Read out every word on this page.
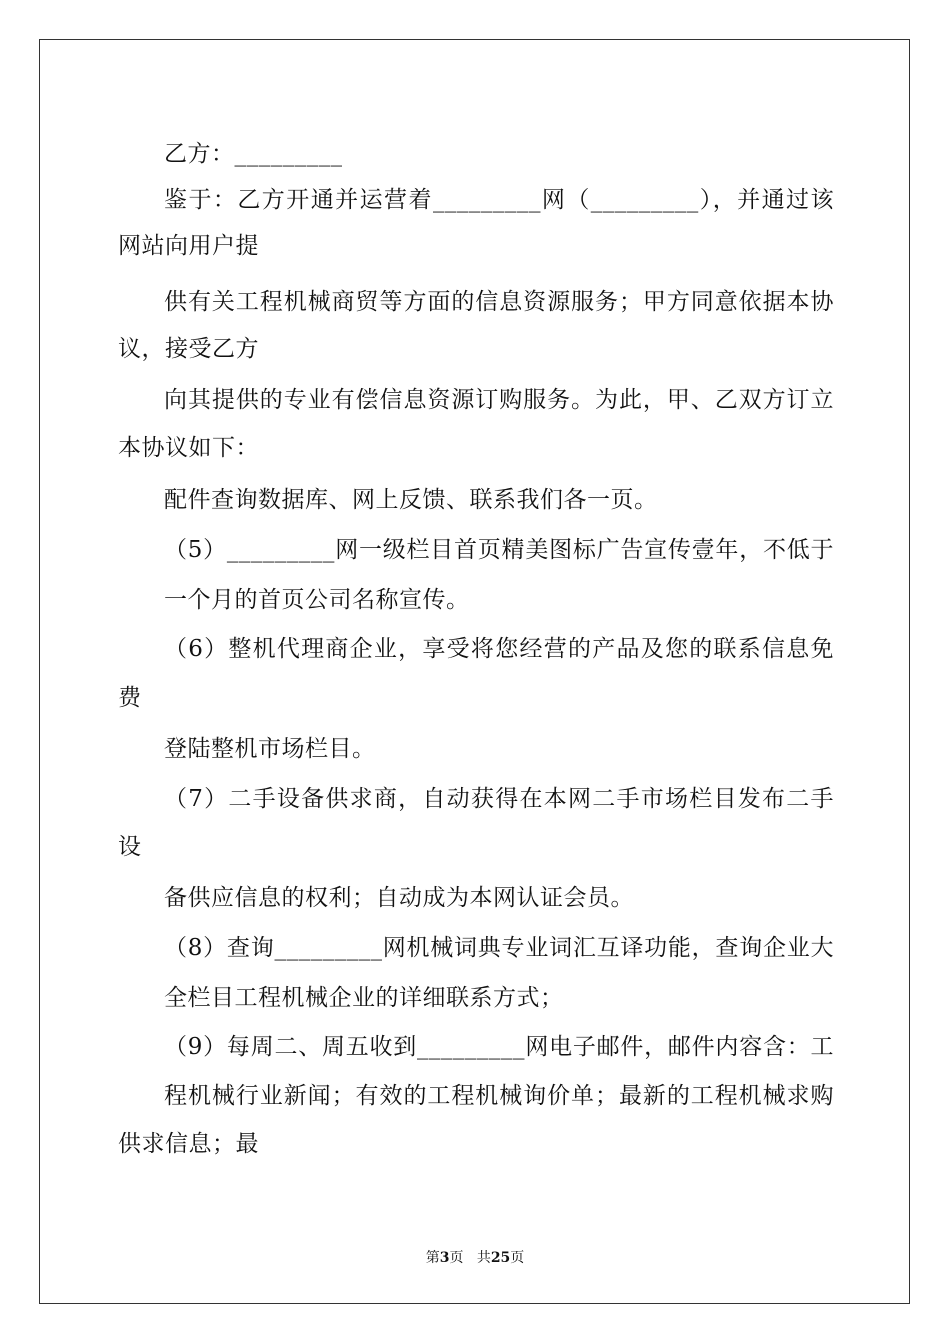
乙方：_________
鉴于：乙方开通并运营着_________网（_________），并通过该
网站向用户提
供有关工程机械商贸等方面的信息资源服务；甲方同意依据本协
议，接受乙方
向其提供的专业有偿信息资源订购服务。为此，甲、乙双方订立
本协议如下：
配件查询数据库、网上反馈、联系我们各一页。
（5）_________网一级栏目首页精美图标广告宣传壹年，不低于
一个月的首页公司名称宣传。
（6）整机代理商企业，享受将您经营的产品及您的联系信息免
费
登陆整机市场栏目。
（7）二手设备供求商，自动获得在本网二手市场栏目发布二手
设
备供应信息的权利；自动成为本网认证会员。
（8）查询_________网机械词典专业词汇互译功能，查询企业大
全栏目工程机械企业的详细联系方式；
（9）每周二、周五收到_________网电子邮件，邮件内容含：工
程机械行业新闻；有效的工程机械询价单；最新的工程机械求购
供求信息；最
第3页 共25页
